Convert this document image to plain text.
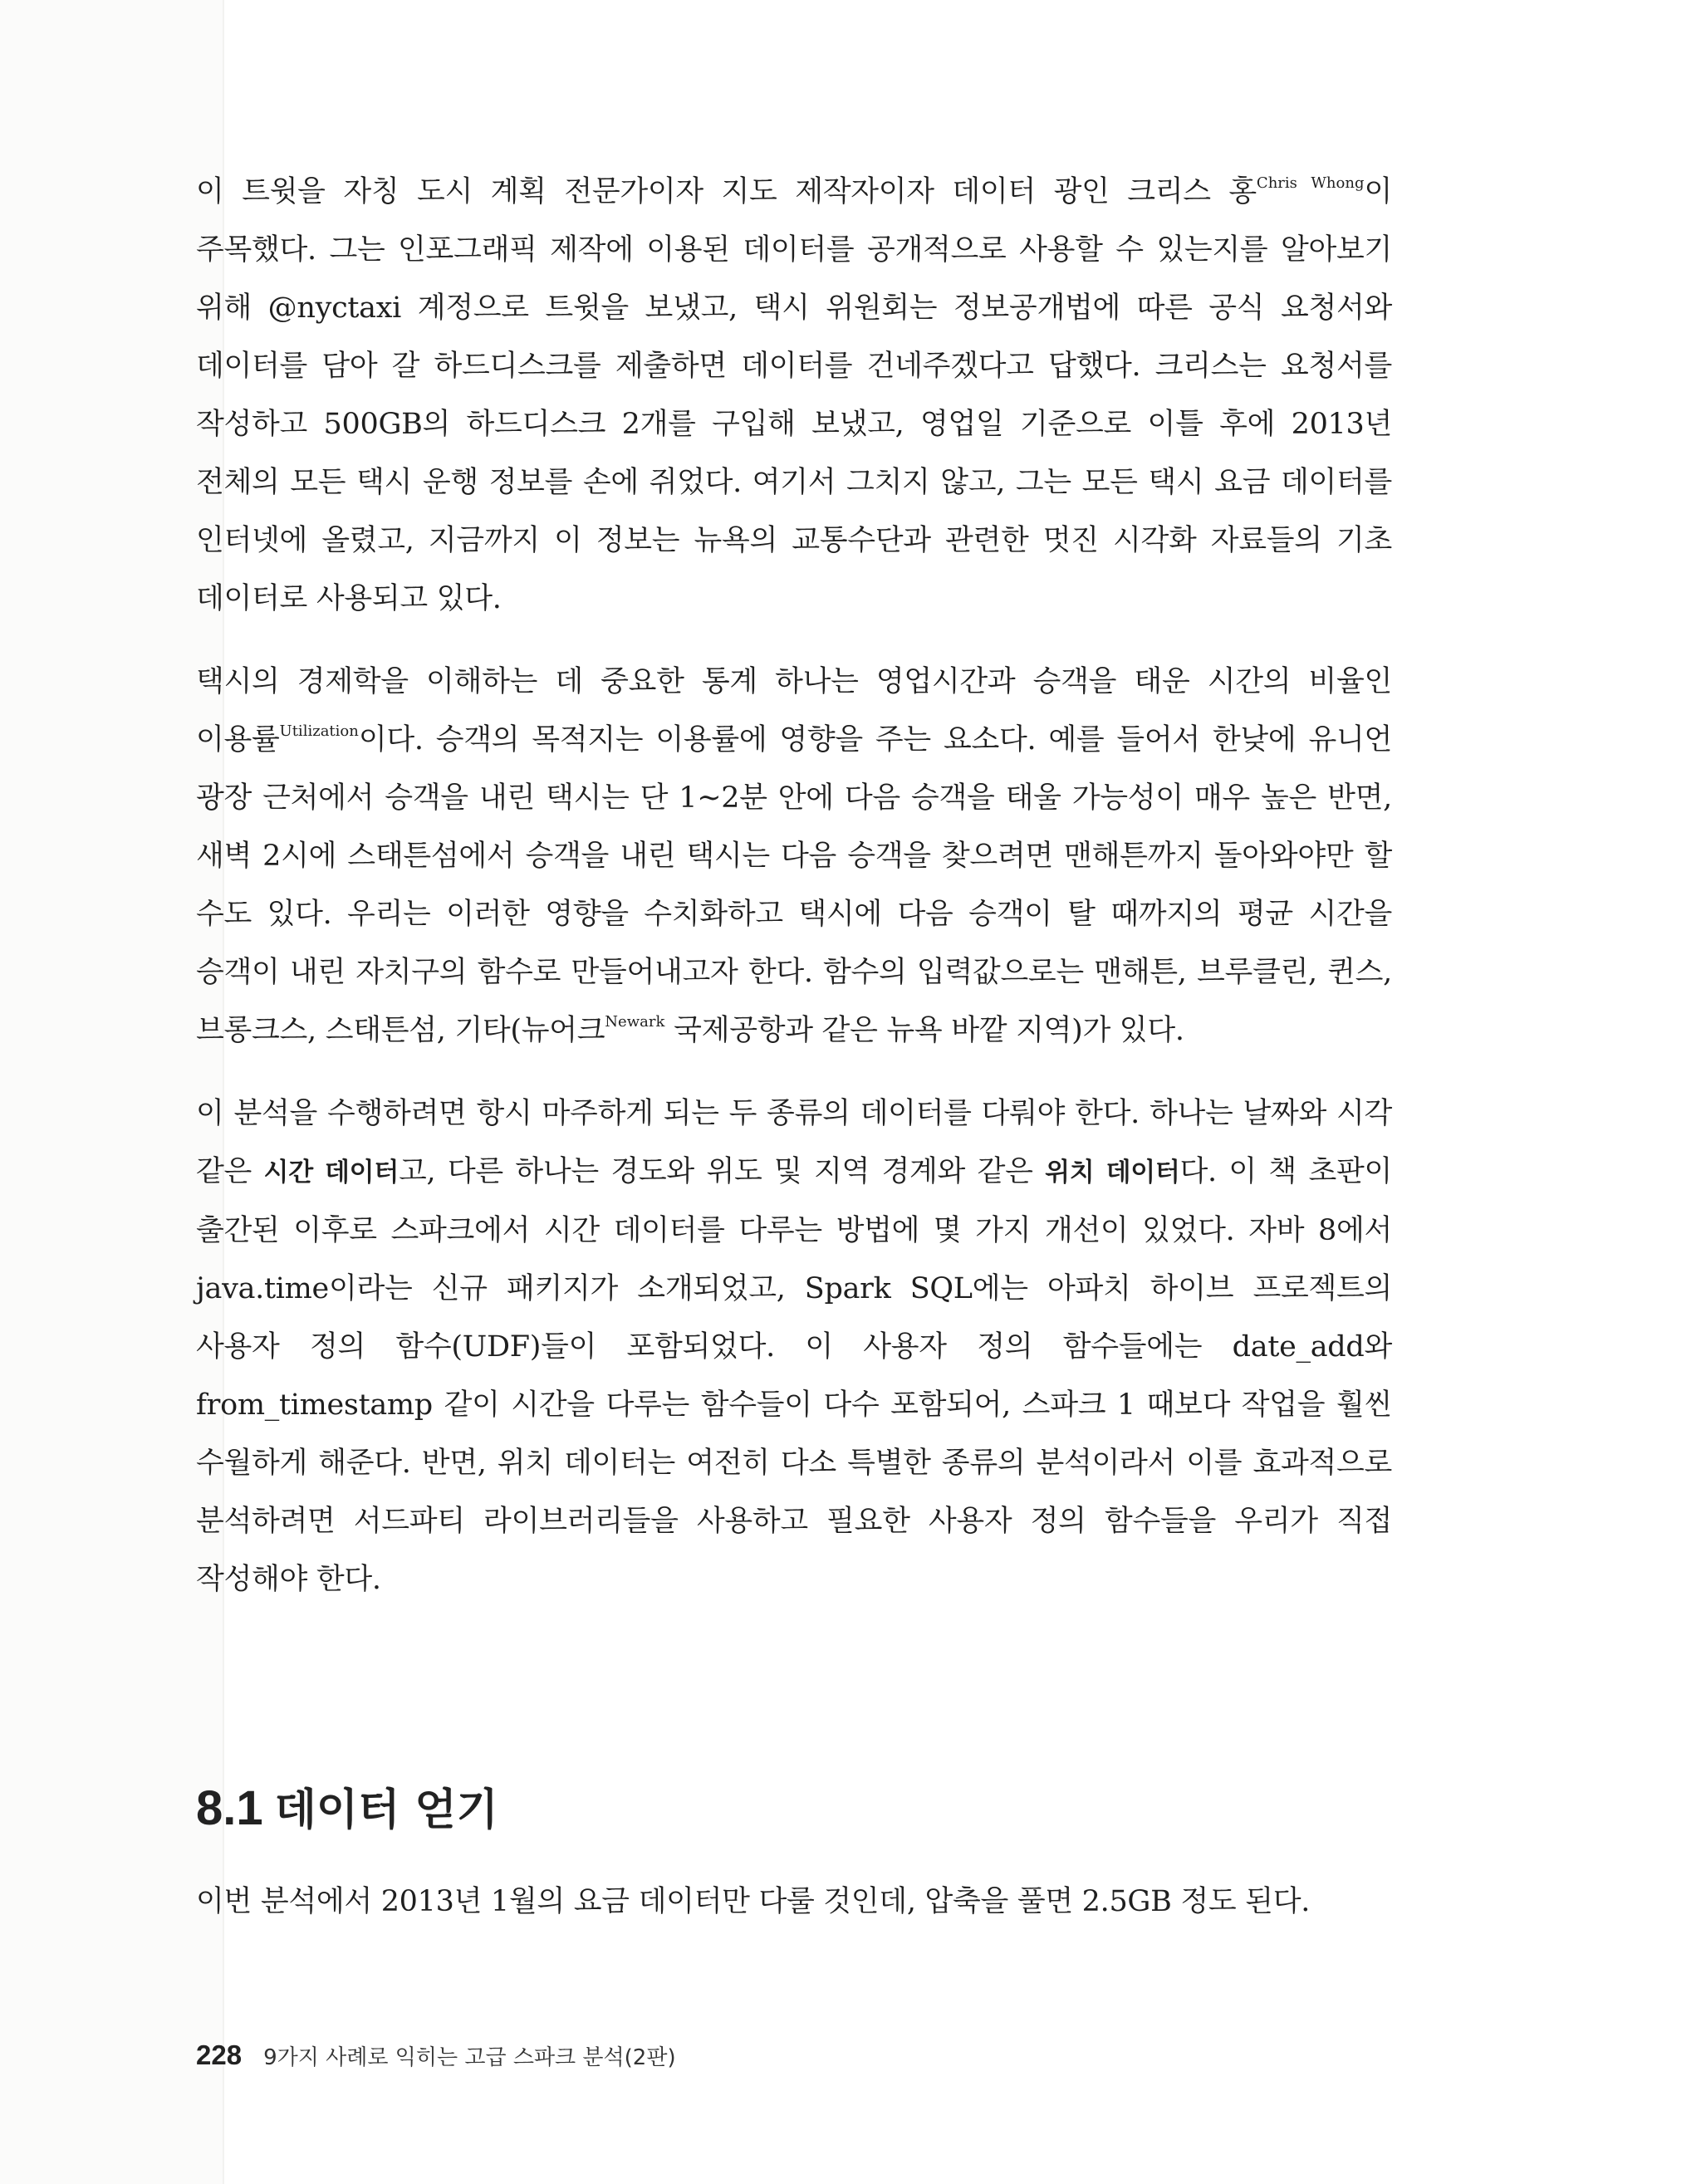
이 트윗을 자칭 도시 계획 전문가이자 지도 제작자이자 데이터 광인 크리스 홍$^{Chris Whong}$이 주목했다. 그는 인포그래픽 제작에 이용된 데이터를 공개적으로 사용할 수 있는지를 알아보기 위해 @nyctaxi 계정으로 트윗을 보냈고, 택시 위원회는 정보공개법에 따른 공식 요청서와 데이터를 담아 갈 하드디스크를 제출하면 데이터를 건네주겠다고 답했다. 크리스는 요청서를 작성하고 500GB의 하드디스크 2개를 구입해 보냈고, 영업일 기준으로 이틀 후에 2013년 전체의 모든 택시 운행 정보를 손에 쥐었다. 여기서 그치지 않고, 그는 모든 택시 요금 데이터를 인터넷에 올렸고, 지금까지 이 정보는 뉴욕의 교통수단과 관련한 멋진 시각화 자료들의 기초 데이터로 사용되고 있다.

택시의 경제학을 이해하는 데 중요한 통계 하나는 영업시간과 승객을 태운 시간의 비율인 이용률$^{Utilization}$이다. 승객의 목적지는 이용률에 영향을 주는 요소다. 예를 들어서 한낮에 유니언 광장 근처에서 승객을 내린 택시는 단 1~2분 안에 다음 승객을 태울 가능성이 매우 높은 반면, 새벽 2시에 스태튼섬에서 승객을 내린 택시는 다음 승객을 찾으려면 맨해튼까지 돌아와야만 할 수도 있다. 우리는 이러한 영향을 수치화하고 택시에 다음 승객이 탈 때까지의 평균 시간을 승객이 내린 자치구의 함수로 만들어내고자 한다. 함수의 입력값으로는 맨해튼, 브루클린, 퀸스, 브롱크스, 스태튼섬, 기타(뉴어크$^{Newark}$ 국제공항과 같은 뉴욕 바깥 지역)가 있다.

이 분석을 수행하려면 항시 마주하게 되는 두 종류의 데이터를 다뤄야 한다. 하나는 날짜와 시각 같은 시간 데이터고, 다른 하나는 경도와 위도 및 지역 경계와 같은 위치 데이터다. 이 책 초판이 출간된 이후로 스파크에서 시간 데이터를 다루는 방법에 몇 가지 개선이 있었다. 자바 8에서 java.time이라는 신규 패키지가 소개되었고, Spark SQL에는 아파치 하이브 프로젝트의 사용자 정의 함수(UDF)들이 포함되었다. 이 사용자 정의 함수들에는 date_add와 from_timestamp 같이 시간을 다루는 함수들이 다수 포함되어, 스파크 1 때보다 작업을 훨씬 수월하게 해준다. 반면, 위치 데이터는 여전히 다소 특별한 종류의 분석이라서 이를 효과적으로 분석하려면 서드파티 라이브러리들을 사용하고 필요한 사용자 정의 함수들을 우리가 직접 작성해야 한다.

8.1 데이터 얻기

이번 분석에서 2013년 1월의 요금 데이터만 다룰 것인데, 압축을 풀면 2.5GB 정도 된다.

228 9가지 사례로 익히는 고급 스파크 분석(2판)
